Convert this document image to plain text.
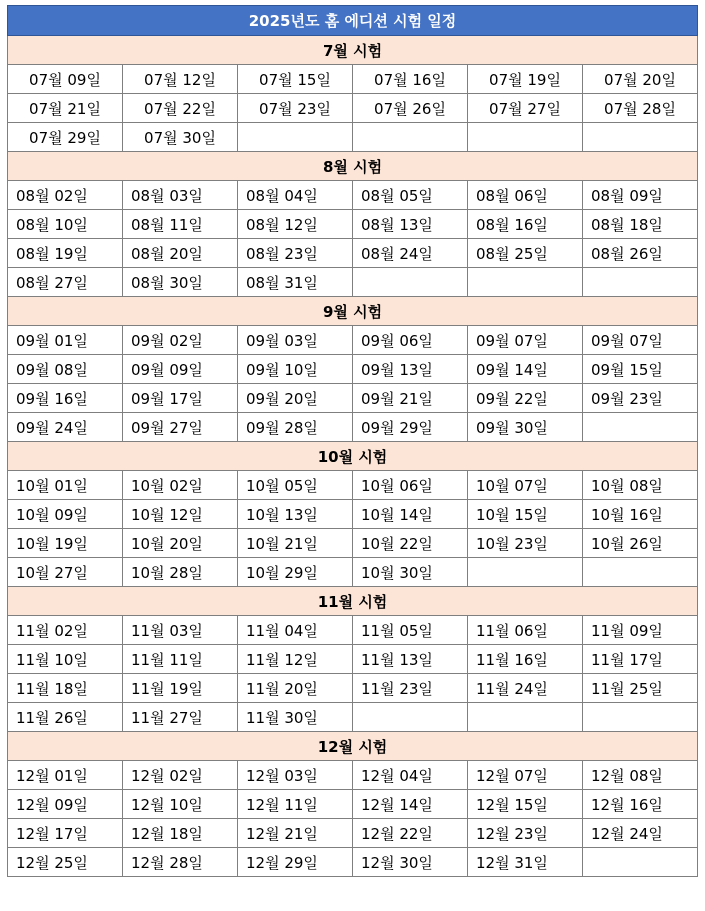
2025년도 홈 에디션 시험 일정					
7월 시험					
07월 09일	07월 12일	07월 15일	07월 16일	07월 19일	07월 20일
07월 21일	07월 22일	07월 23일	07월 26일	07월 27일	07월 28일
07월 29일	07월 30일				
8월 시험					
08월 02일	08월 03일	08월 04일	08월 05일	08월 06일	08월 09일
08월 10일	08월 11일	08월 12일	08월 13일	08월 16일	08월 18일
08월 19일	08월 20일	08월 23일	08월 24일	08월 25일	08월 26일
08월 27일	08월 30일	08월 31일			
9월 시험					
09월 01일	09월 02일	09월 03일	09월 06일	09월 07일	09월 07일
09월 08일	09월 09일	09월 10일	09월 13일	09월 14일	09월 15일
09월 16일	09월 17일	09월 20일	09월 21일	09월 22일	09월 23일
09월 24일	09월 27일	09월 28일	09월 29일	09월 30일	
10월 시험					
10월 01일	10월 02일	10월 05일	10월 06일	10월 07일	10월 08일
10월 09일	10월 12일	10월 13일	10월 14일	10월 15일	10월 16일
10월 19일	10월 20일	10월 21일	10월 22일	10월 23일	10월 26일
10월 27일	10월 28일	10월 29일	10월 30일		
11월 시험					
11월 02일	11월 03일	11월 04일	11월 05일	11월 06일	11월 09일
11월 10일	11월 11일	11월 12일	11월 13일	11월 16일	11월 17일
11월 18일	11월 19일	11월 20일	11월 23일	11월 24일	11월 25일
11월 26일	11월 27일	11월 30일			
12월 시험					
12월 01일	12월 02일	12월 03일	12월 04일	12월 07일	12월 08일
12월 09일	12월 10일	12월 11일	12월 14일	12월 15일	12월 16일
12월 17일	12월 18일	12월 21일	12월 22일	12월 23일	12월 24일
12월 25일	12월 28일	12월 29일	12월 30일	12월 31일	
